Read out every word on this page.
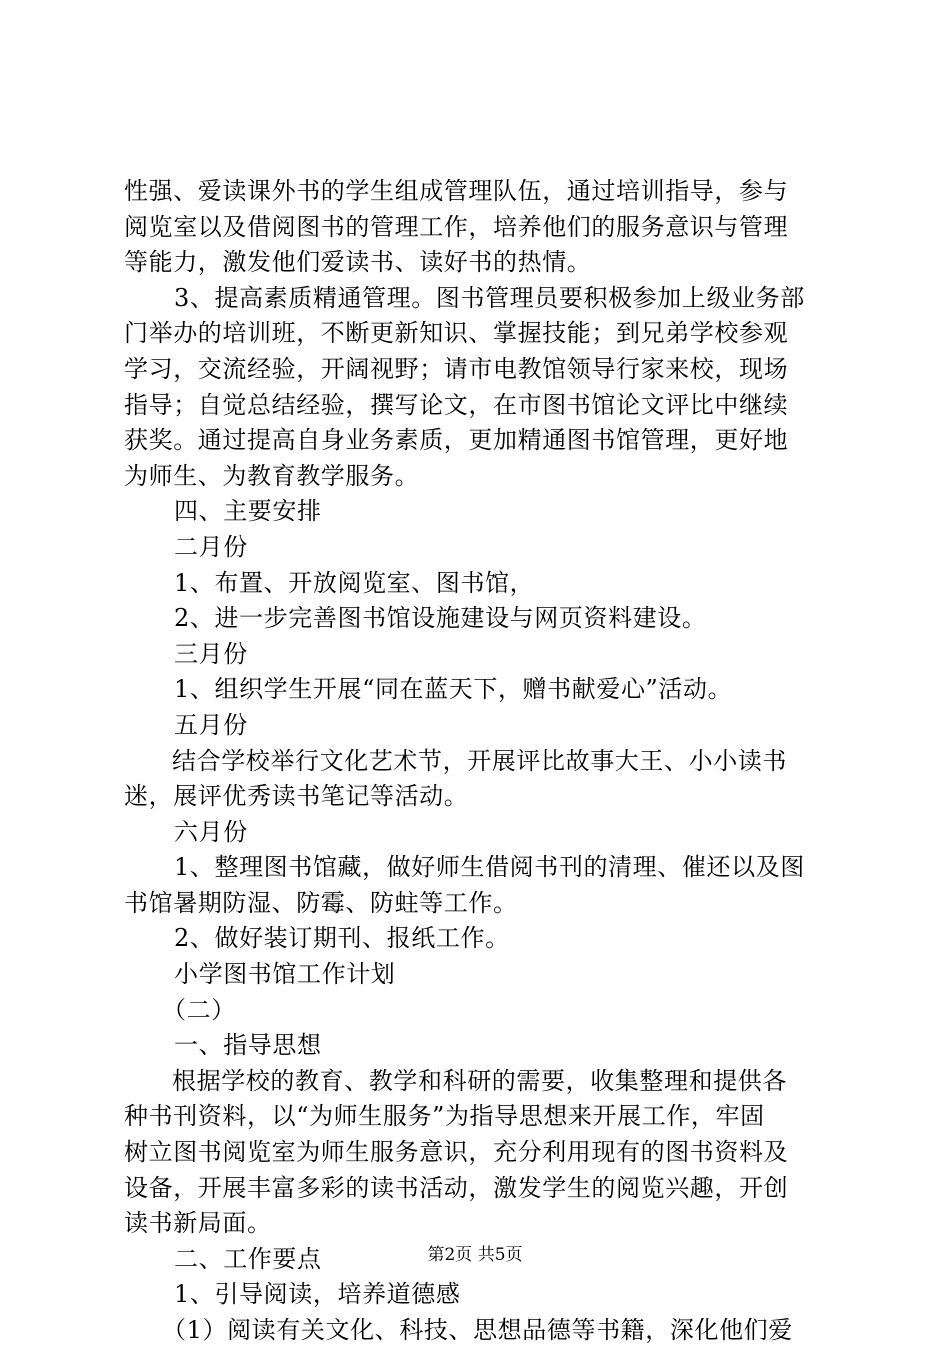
性强、爱读课外书的学生组成管理队伍，通过培训指导，参与
阅览室以及借阅图书的管理工作，培养他们的服务意识与管理
等能力，激发他们爱读书、读好书的热情。
3、提高素质精通管理。图书管理员要积极参加上级业务部
门举办的培训班，不断更新知识、掌握技能；到兄弟学校参观
学习，交流经验，开阔视野；请市电教馆领导行家来校，现场
指导；自觉总结经验，撰写论文，在市图书馆论文评比中继续
获奖。通过提高自身业务素质，更加精通图书馆管理，更好地
为师生、为教育教学服务。
四、主要安排
二月份
1、布置、开放阅览室、图书馆，
2、进一步完善图书馆设施建设与网页资料建设。
三月份
1、组织学生开展“同在蓝天下，赠书献爱心”活动。
五月份
结合学校举行文化艺术节，开展评比故事大王、小小读书
迷，展评优秀读书笔记等活动。
六月份
1、整理图书馆藏，做好师生借阅书刊的清理、催还以及图
书馆暑期防湿、防霉、防蛀等工作。
2、做好装订期刊、报纸工作。
小学图书馆工作计划
（二）
一、指导思想
根据学校的教育、教学和科研的需要，收集整理和提供各
种书刊资料，以“为师生服务”为指导思想来开展工作，牢固
树立图书阅览室为师生服务意识，充分利用现有的图书资料及
设备，开展丰富多彩的读书活动，激发学生的阅览兴趣，开创
读书新局面。
二、工作要点
1、引导阅读，培养道德感
（1）阅读有关文化、科技、思想品德等书籍，深化他们爱
第2页 共5页
